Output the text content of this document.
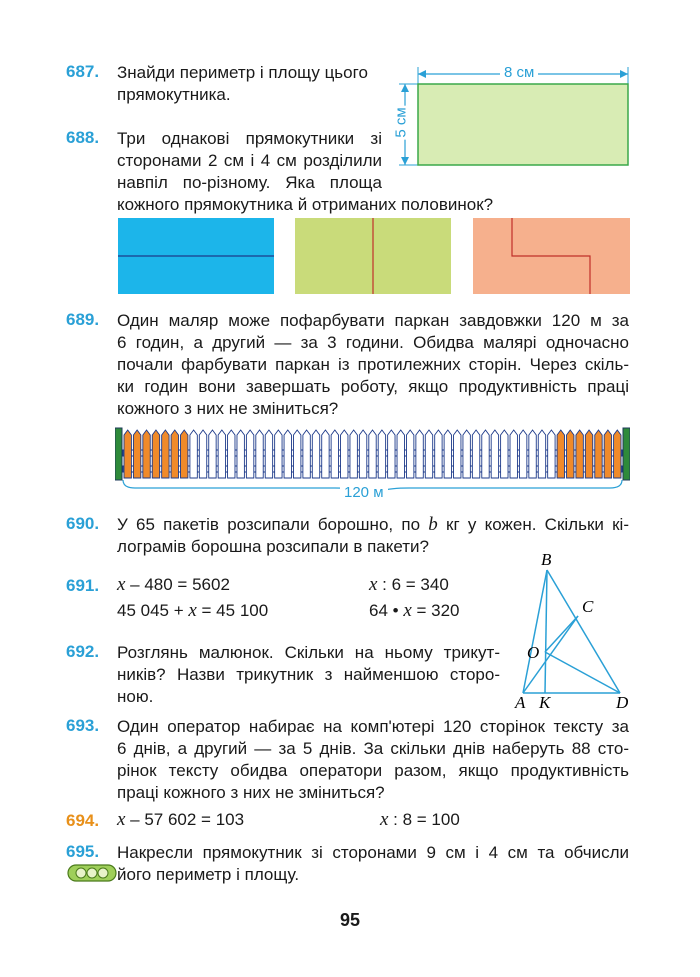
687. Знайди периметр і площу цього
прямокутника.
8 см
5 см
688. Три однакові прямокутники зі
сторонами 2 см і 4 см розділили
навпіл по-різному. Яка площа
кожного прямокутника й отриманих половинок?
689. Один маляр може пофарбувати паркан завдовжки 120 м за
6 годин, а другий — за 3 години. Обидва малярі одночасно
почали фарбувати паркан із протилежних сторін. Через скіль-
ки годин вони завершать роботу, якщо продуктивність праці
кожного з них не зміниться?
120 м
690. У 65 пакетів розсипали борошно, по b кг у кожен. Скільки кі-
лограмів борошна розсипали в пакети?
691. x – 480 = 5602	x : 6 = 340
45 045 + x = 45 100	64 • x = 320
B
C
O
A K	D
692. Розглянь малюнок. Скільки на ньому трикут-
ників? Назви трикутник з найменшою сторо-
ною.
693. Один оператор набирає на комп'ютері 120 сторінок тексту за
6 днів, а другий — за 5 днів. За скільки днів наберуть 88 сто-
рінок тексту обидва оператори разом, якщо продуктивність
праці кожного з них не зміниться?
694. x – 57 602 = 103	x : 8 = 100
695. Накресли прямокутник зі сторонами 9 см і 4 см та обчисли
його периметр і площу.
95
